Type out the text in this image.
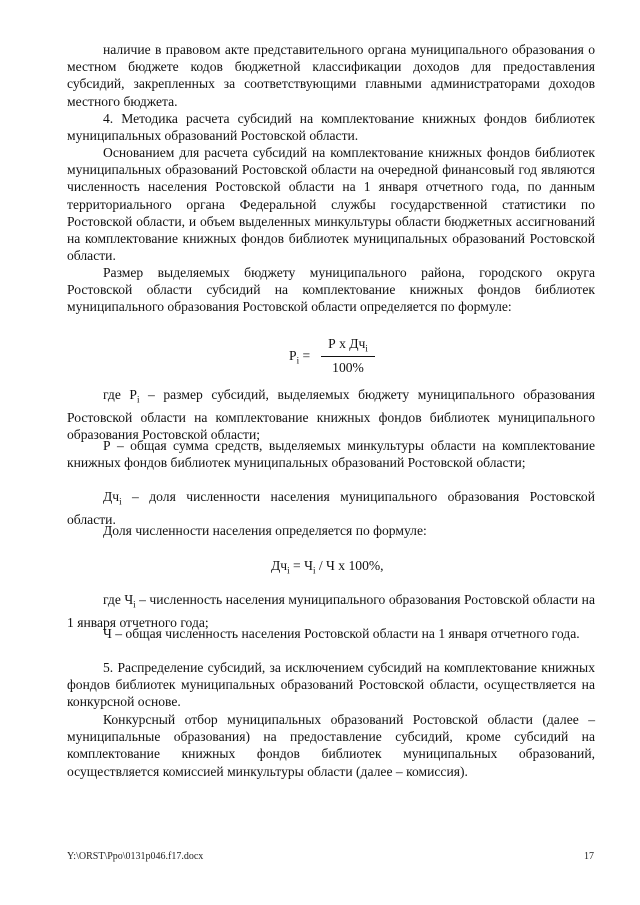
наличие в правовом акте представительного органа муниципального образования о местном бюджете кодов бюджетной классификации доходов для предоставления субсидий, закрепленных за соответствующими главными администраторами доходов местного бюджета.

4. Методика расчета субсидий на комплектование книжных фондов библиотек муниципальных образований Ростовской области.

Основанием для расчета субсидий на комплектование книжных фондов библиотек муниципальных образований Ростовской области на очередной финансовый год являются численность населения Ростовской области на 1 января отчетного года, по данным территориального органа Федеральной службы государственной статистики по Ростовской области, и объем выделенных минкультуры области бюджетных ассигнований на комплектование книжных фондов библиотек муниципальных образований Ростовской области.

Размер выделяемых бюджету муниципального района, городского округа Ростовской области субсидий на комплектование книжных фондов библиотек муниципального образования Ростовской области определяется по формуле:

$P_i$ =
Р х $Дч_i$
100%

где $P_i$ – размер субсидий, выделяемых бюджету муниципального образования Ростовской области на комплектование книжных фондов библиотек муниципального образования Ростовской области;

Р – общая сумма средств, выделяемых минкультуры области на комплектование книжных фондов библиотек муниципальных образований Ростовской области;

$Дч_i$ – доля численности населения муниципального образования Ростовской области.

Доля численности населения определяется по формуле:

$Дч_i = Ч_i / Ч$ х 100%,

где $Ч_i$ – численность населения муниципального образования Ростовской области на 1 января отчетного года;

Ч – общая численность населения Ростовской области на 1 января отчетного года.

5. Распределение субсидий, за исключением субсидий на комплектование книжных фондов библиотек муниципальных образований Ростовской области, осуществляется на конкурсной основе.

Конкурсный отбор муниципальных образований Ростовской области (далее – муниципальные образования) на предоставление субсидий, кроме субсидий на комплектование книжных фондов библиотек муниципальных образований, осуществляется комиссией минкультуры области (далее – комиссия).

Y:\ORST\Ppo\0131p046.f17.docx	17
